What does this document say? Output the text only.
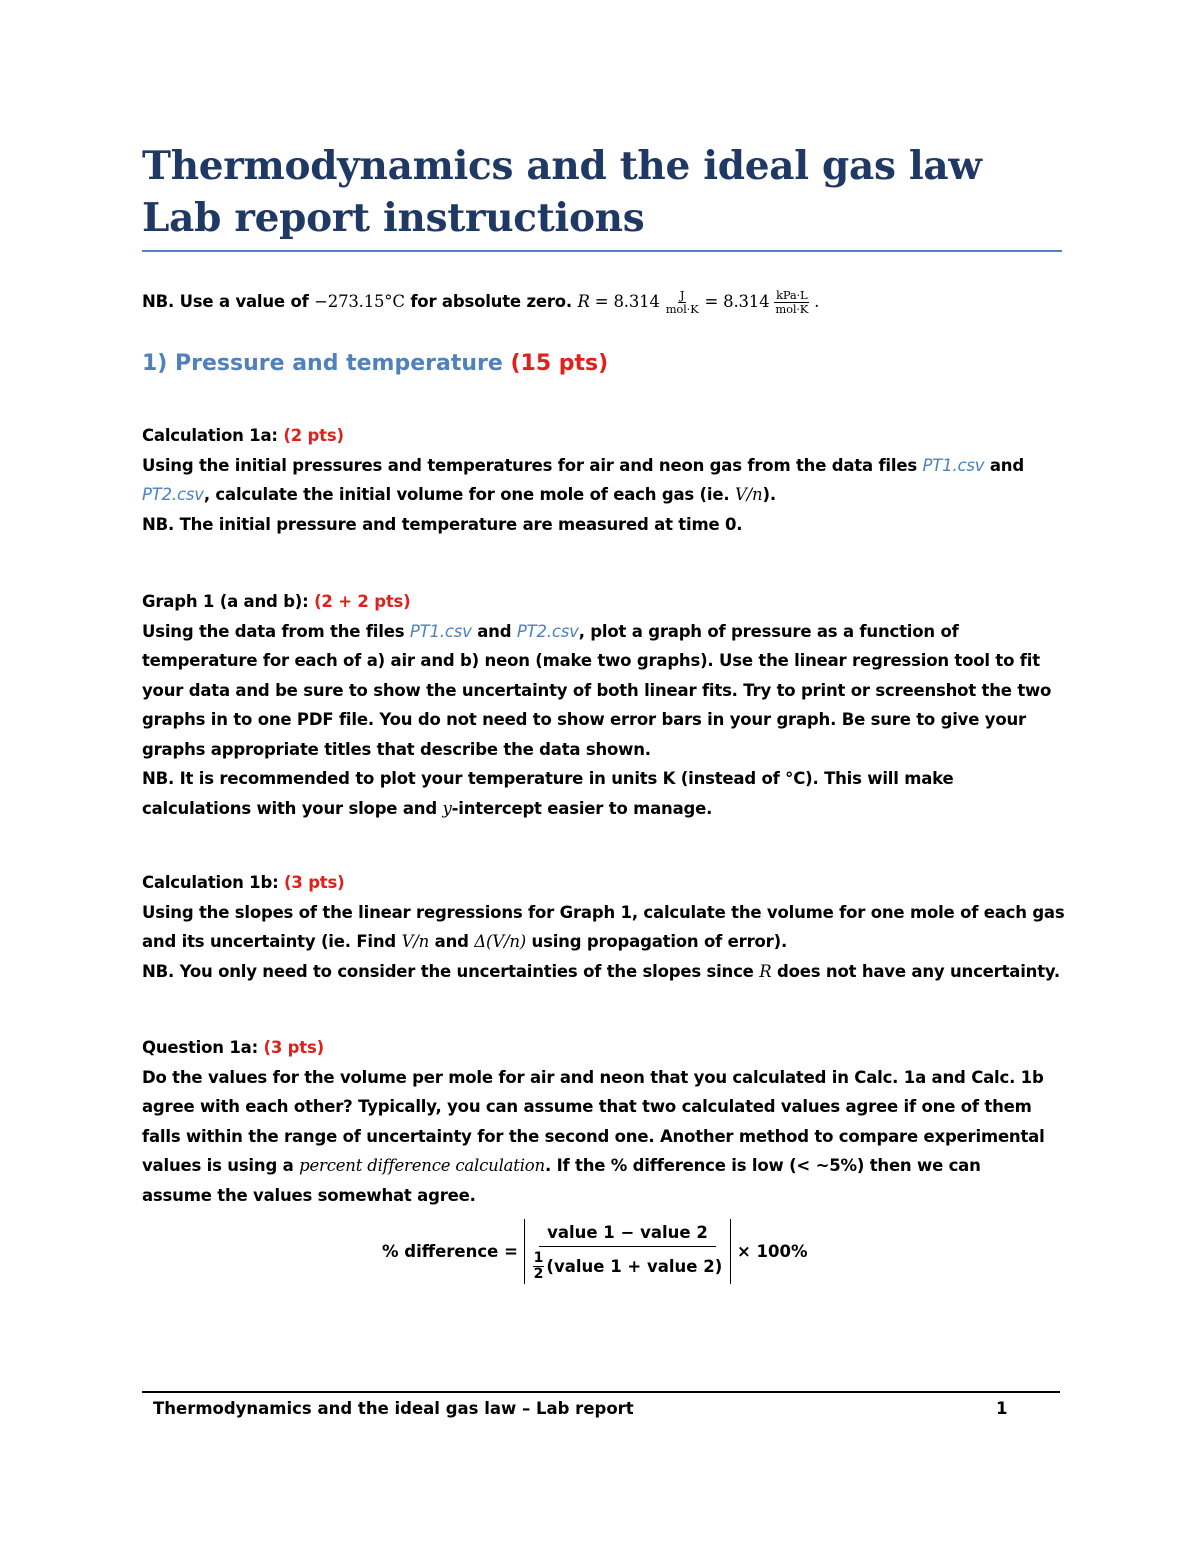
Thermodynamics and the ideal gas law
Lab report instructions
NB. Use a value of −273.15°C for absolute zero. $R = 8.314 \frac{J}{\text{mol·K}} = 8.314 \frac{\text{kPa·L}}{\text{mol·K}}$ .
1) Pressure and temperature (15 pts)
Calculation 1a: (2 pts)
Using the initial pressures and temperatures for air and neon gas from the data files PT1.csv and
PT2.csv, calculate the initial volume for one mole of each gas (ie. V/n).
NB. The initial pressure and temperature are measured at time 0.
Graph 1 (a and b): (2 + 2 pts)
Using the data from the files PT1.csv and PT2.csv, plot a graph of pressure as a function of
temperature for each of a) air and b) neon (make two graphs). Use the linear regression tool to fit
your data and be sure to show the uncertainty of both linear fits. Try to print or screenshot the two
graphs in to one PDF file. You do not need to show error bars in your graph. Be sure to give your
graphs appropriate titles that describe the data shown.
NB. It is recommended to plot your temperature in units K (instead of °C). This will make
calculations with your slope and y-intercept easier to manage.
Calculation 1b: (3 pts)
Using the slopes of the linear regressions for Graph 1, calculate the volume for one mole of each gas
and its uncertainty (ie. Find V/n and Δ(V/n) using propagation of error).
NB. You only need to consider the uncertainties of the slopes since R does not have any uncertainty.
Question 1a: (3 pts)
Do the values for the volume per mole for air and neon that you calculated in Calc. 1a and Calc. 1b
agree with each other? Typically, you can assume that two calculated values agree if one of them
falls within the range of uncertainty for the second one. Another method to compare experimental
values is using a percent difference calculation. If the % difference is low (< ~5%) then we can
assume the values somewhat agree.
% difference = $\frac{\text{value 1 − value 2}}{\frac{1}{2} (value 1 + value 2)} \times 100\%$
Thermodynamics and the ideal gas law – Lab report	1
